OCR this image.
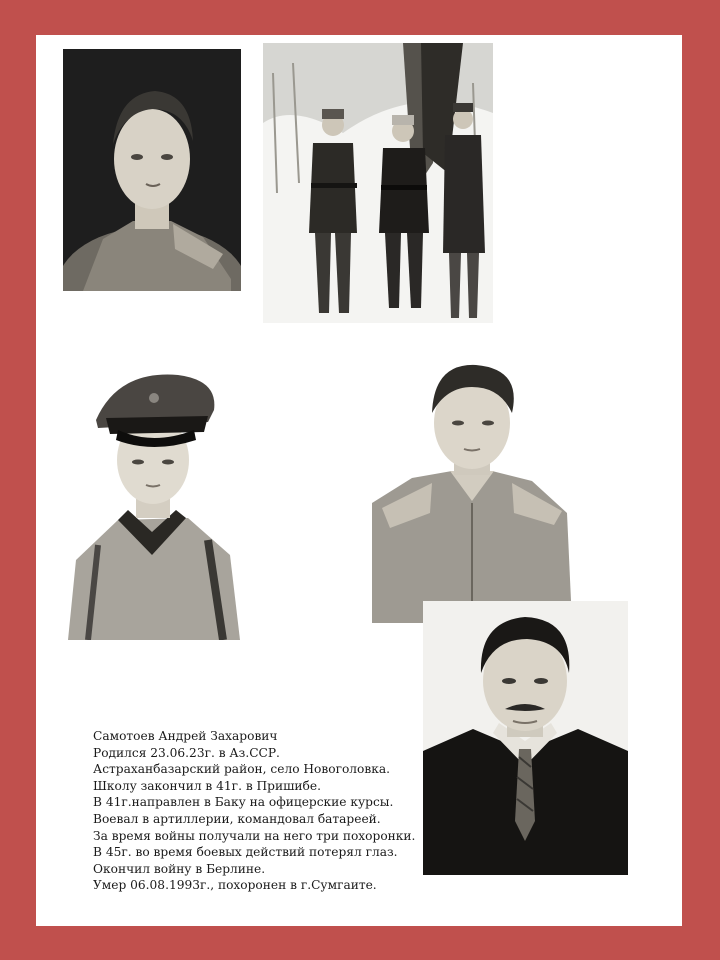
Самотоев Андрей Захарович
Родился 23.06.23г. в Аз.ССР.
Астраханбазарский район, село Новоголовка.
Школу закончил в 41г. в Пришибе.
В 41г.направлен в Баку на офицерские курсы.
Воевал в артиллерии, командовал батареей.
За время войны получали на него три похоронки.
В 45г. во время боевых действий потерял глаз.
Окончил войну в Берлине.
Умер 06.08.1993г., похоронен в г.Сумгаите.
